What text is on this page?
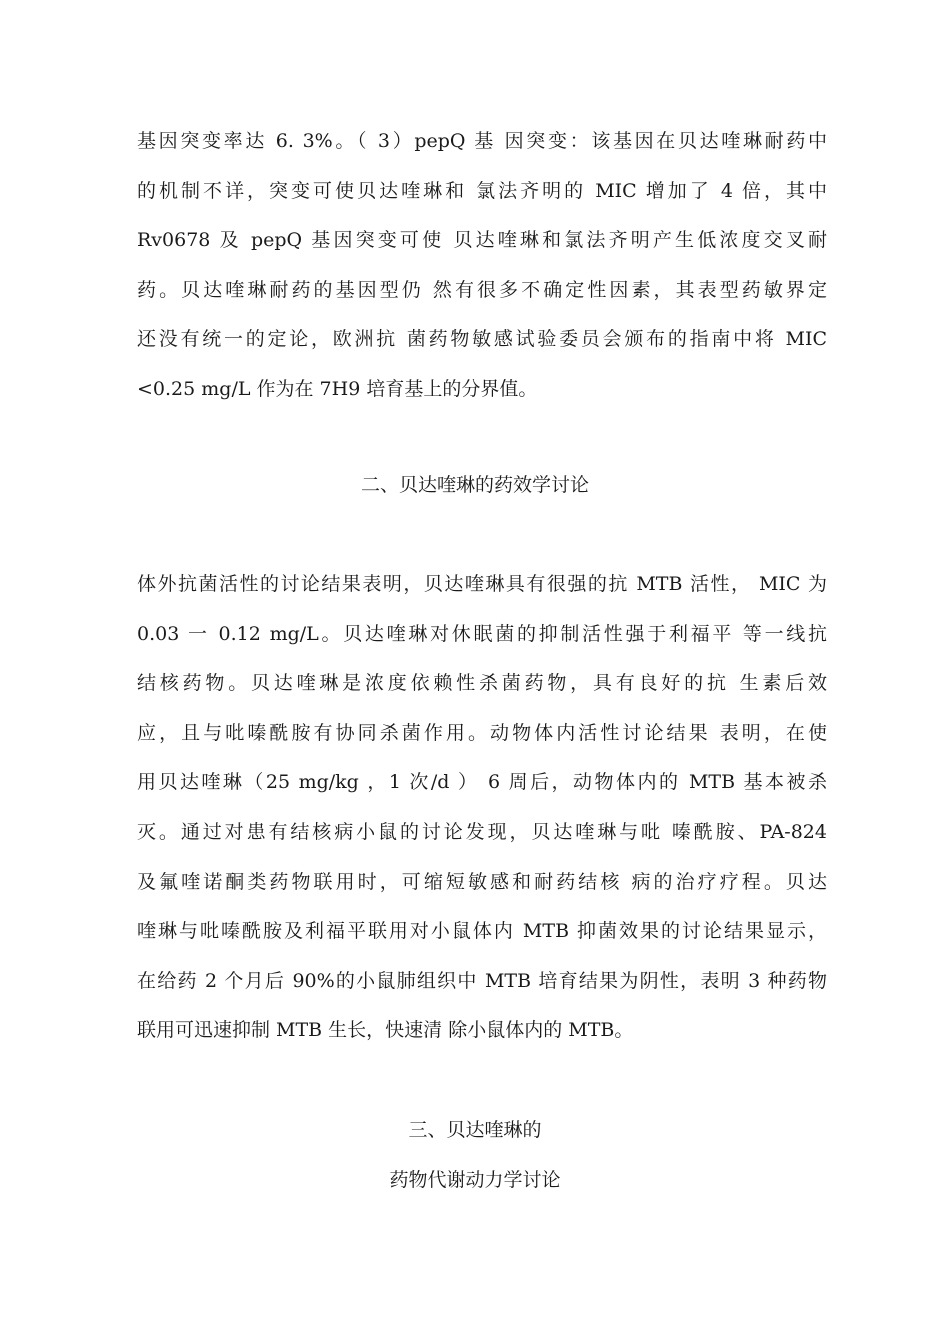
基因突变率达 6. 3%。（ 3）pepQ 基 因突变：该基因在贝达喹琳耐药中
的机制不详，突变可使贝达喹琳和 氯法齐明的 MIC 增加了 4 倍，其中
Rv0678 及 pepQ 基因突变可使 贝达喹琳和氯法齐明产生低浓度交叉耐
药。贝达喹琳耐药的基因型仍 然有很多不确定性因素，其表型药敏界定
还没有统一的定论，欧洲抗 菌药物敏感试验委员会颁布的指南中将 MIC
<0.25 mg/L 作为在 7H9 培育基上的分界值。

二、贝达喹琳的药效学讨论

体外抗菌活性的讨论结果表明，贝达喹琳具有很强的抗 MTB 活性， MIC 为
0.03 一 0.12 mg/L。贝达喹琳对休眠菌的抑制活性强于利福平 等一线抗
结核药物。贝达喹琳是浓度依赖性杀菌药物，具有良好的抗 生素后效
应，且与吡嗪酰胺有协同杀菌作用。动物体内活性讨论结果 表明，在使
用贝达喹琳（25 mg/kg ，1 次/d ） 6 周后，动物体内的 MTB 基本被杀
灭。通过对患有结核病小鼠的讨论发现，贝达喹琳与吡 嗪酰胺、PA-824
及氟喹诺酮类药物联用时，可缩短敏感和耐药结核 病的治疗疗程。贝达
喹琳与吡嗪酰胺及利福平联用对小鼠体内 MTB 抑菌效果的讨论结果显示，
在给药 2 个月后 90%的小鼠肺组织中 MTB 培育结果为阴性，表明 3 种药物
联用可迅速抑制 MTB 生长，快速清 除小鼠体内的 MTB。

三、贝达喹琳的
药物代谢动力学讨论
